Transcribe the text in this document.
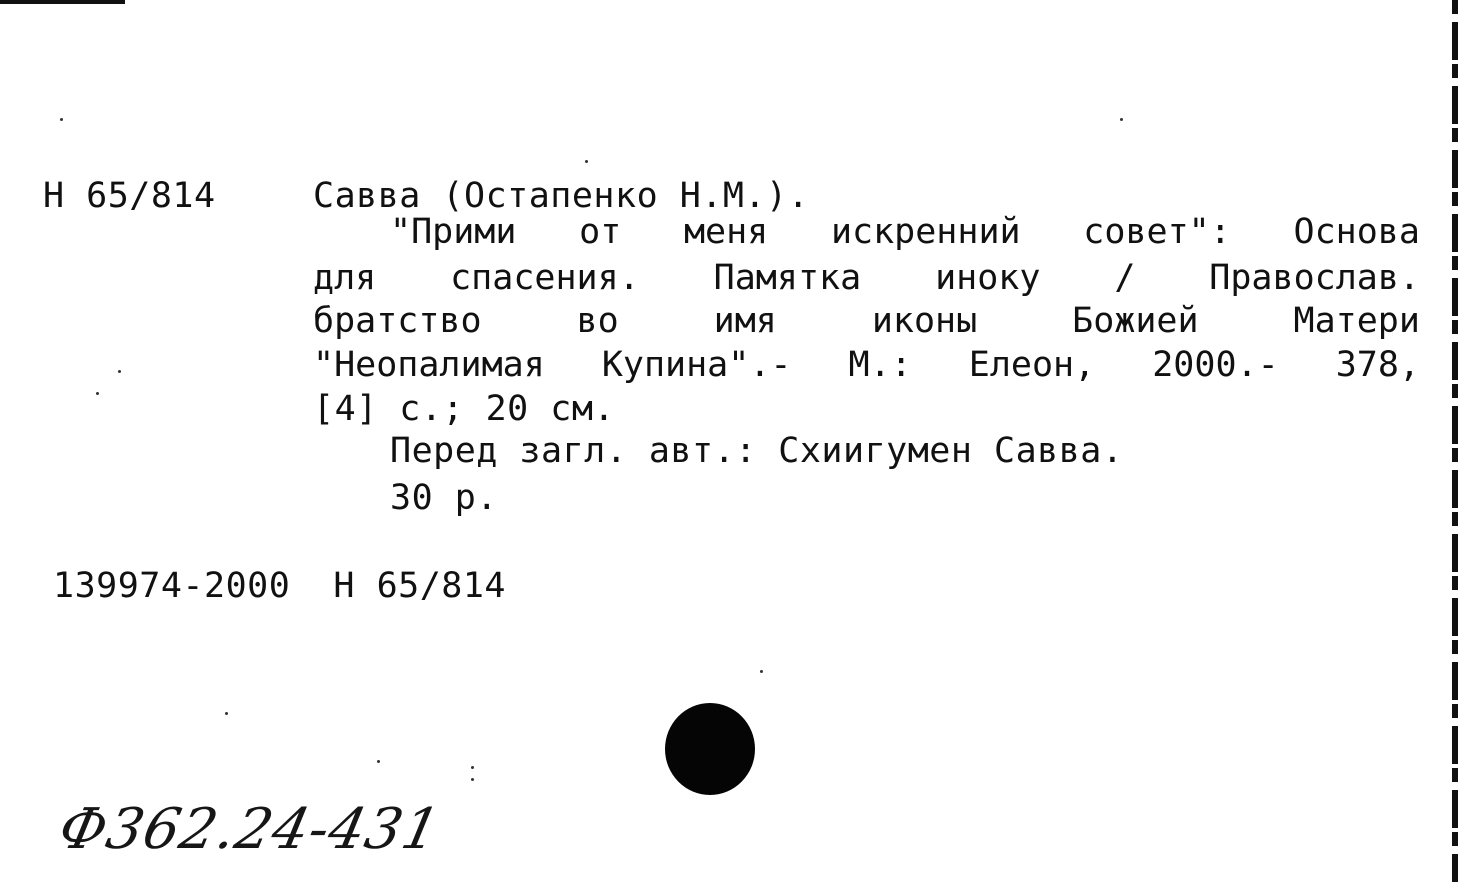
Н 65/814	Савва (Остапенко Н.М.).
"Прими от меня искренний совет": Основа
для спасения. Памятка иноку / Православ.
братство	во	имя	иконы	Божией	Матери
"Неопалимая Купина".- М.: Елеон, 2000.- 378,
[4] с.; 20 см.
Перед загл. авт.: Схиигумен Савва.
30 р.
139974-2000  Н 65/814
Ф362.24-431
